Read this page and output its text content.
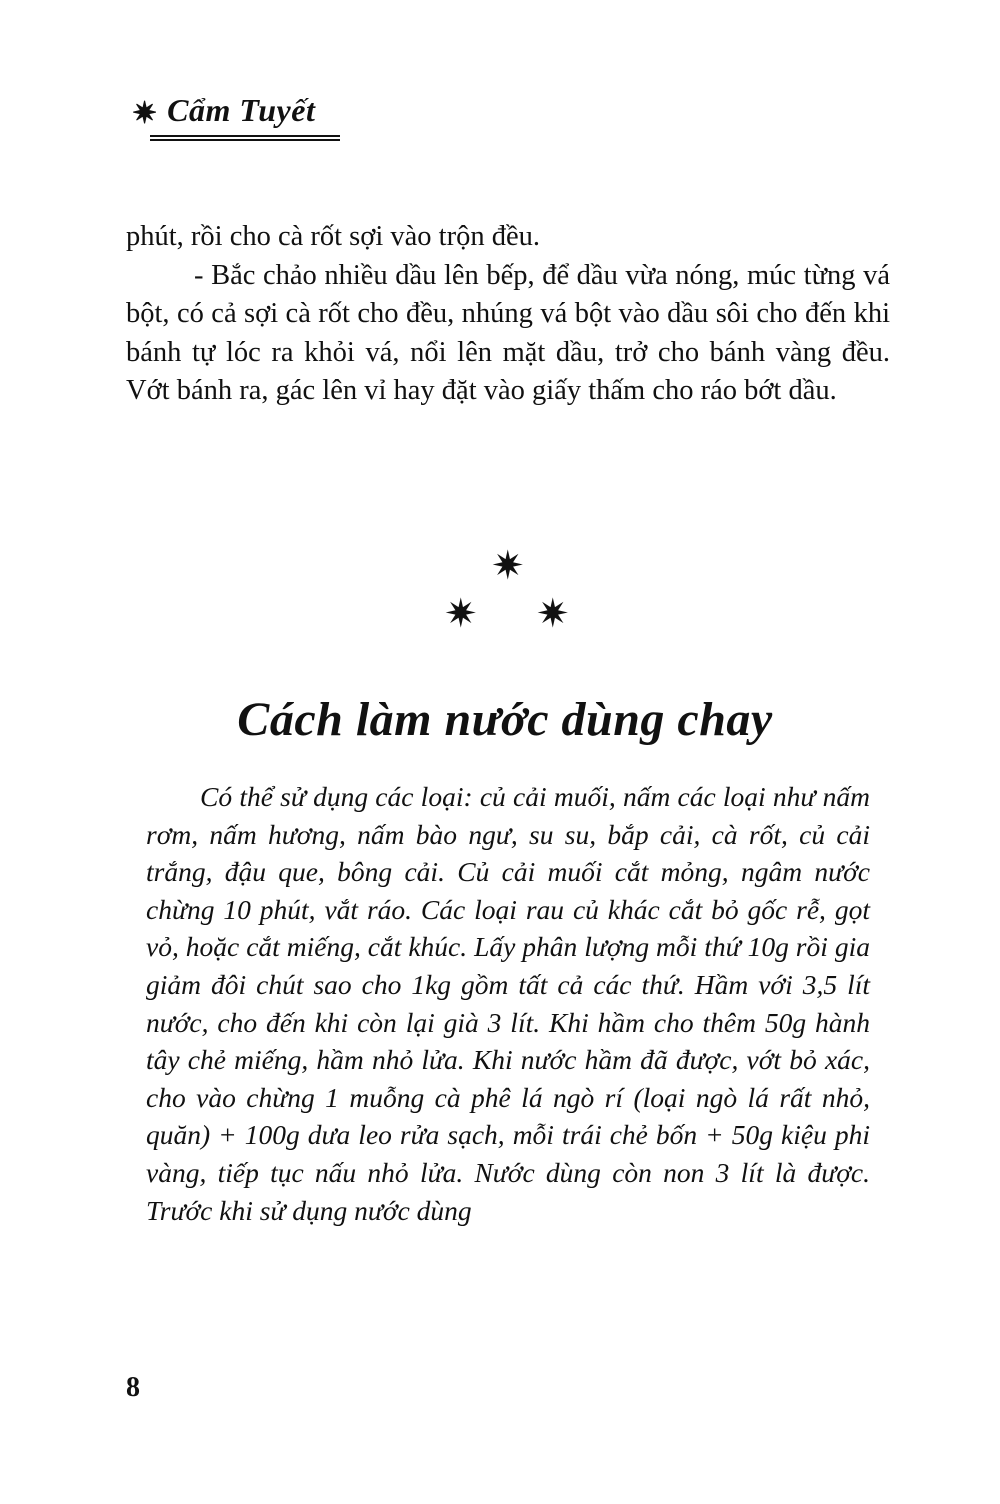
✷ Cẩm Tuyết

phút, rồi cho cà rốt sợi vào trộn đều.

- Bắc chảo nhiều dầu lên bếp, để dầu vừa nóng, múc từng vá bột, có cả sợi cà rốt cho đều, nhúng vá bột vào dầu sôi cho đến khi bánh tự lóc ra khỏi vá, nổi lên mặt dầu, trở cho bánh vàng đều. Vớt bánh ra, gác lên vỉ hay đặt vào giấy thấm cho ráo bớt dầu.

✷
✷ ✷
Cách làm nước dùng chay

Có thể sử dụng các loại: củ cải muối, nấm các loại như nấm rơm, nấm hương, nấm bào ngư, su su, bắp cải, cà rốt, củ cải trắng, đậu que, bông cải. Củ cải muối cắt mỏng, ngâm nước chừng 10 phút, vắt ráo. Các loại rau củ khác cắt bỏ gốc rễ, gọt vỏ, hoặc cắt miếng, cắt khúc. Lấy phân lượng mỗi thứ 10g rồi gia giảm đôi chút sao cho 1kg gồm tất cả các thứ. Hầm với 3,5 lít nước, cho đến khi còn lại già 3 lít. Khi hầm cho thêm 50g hành tây chẻ miếng, hầm nhỏ lửa. Khi nước hầm đã được, vớt bỏ xác, cho vào chừng 1 muỗng cà phê lá ngò rí (loại ngò lá rất nhỏ, quăn) + 100g dưa leo rửa sạch, mỗi trái chẻ bốn + 50g kiệu phi vàng, tiếp tục nấu nhỏ lửa. Nước dùng còn non 3 lít là được. Trước khi sử dụng nước dùng

8
